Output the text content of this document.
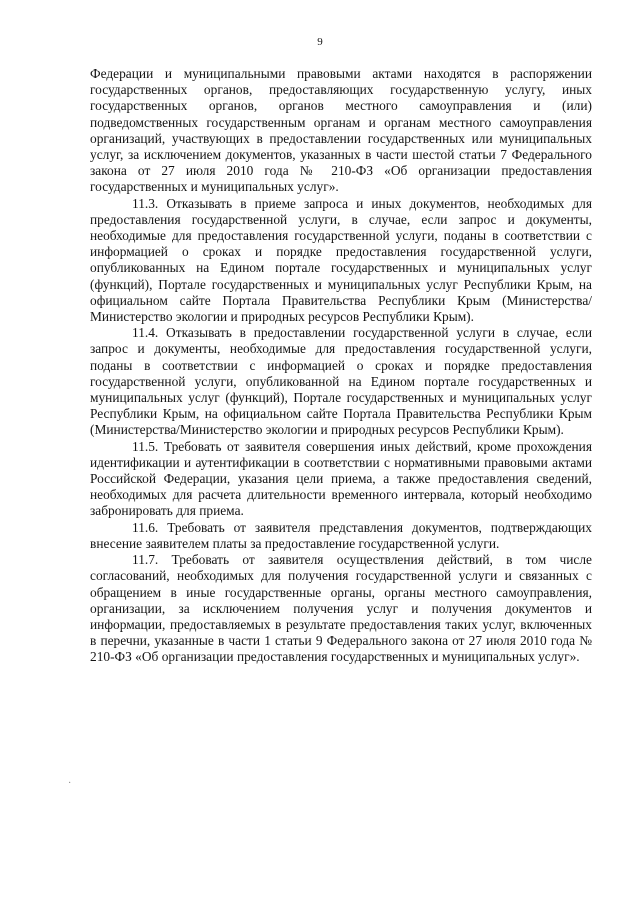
9

Федерации и муниципальными правовыми актами находятся в распоряжении государственных органов, предоставляющих государственную услугу, иных государственных органов, органов местного самоуправления и (или) подведомственных государственным органам и органам местного самоуправления организаций, участвующих в предоставлении государственных или муниципальных услуг, за исключением документов, указанных в части шестой статьи 7 Федерального закона от 27 июля 2010 года № 210-ФЗ «Об организации предоставления государственных и муниципальных услуг».

11.3. Отказывать в приеме запроса и иных документов, необходимых для предоставления государственной услуги, в случае, если запрос и документы, необходимые для предоставления государственной услуги, поданы в соответствии с информацией о сроках и порядке предоставления государственной услуги, опубликованных на Едином портале государственных и муниципальных услуг (функций), Портале государственных и муниципальных услуг Республики Крым, на официальном сайте Портала Правительства Республики Крым (Министерства/Министерство экологии и природных ресурсов Республики Крым).

11.4. Отказывать в предоставлении государственной услуги в случае, если запрос и документы, необходимые для предоставления государственной услуги, поданы в соответствии с информацией о сроках и порядке предоставления государственной услуги, опубликованной на Едином портале государственных и муниципальных услуг (функций), Портале государственных и муниципальных услуг Республики Крым, на официальном сайте Портала Правительства Республики Крым (Министерства/Министерство экологии и природных ресурсов Республики Крым).

11.5. Требовать от заявителя совершения иных действий, кроме прохождения идентификации и аутентификации в соответствии с нормативными правовыми актами Российской Федерации, указания цели приема, а также предоставления сведений, необходимых для расчета длительности временного интервала, который необходимо забронировать для приема.

11.6. Требовать от заявителя представления документов, подтверждающих внесение заявителем платы за предоставление государственной услуги.

11.7. Требовать от заявителя осуществления действий, в том числе согласований, необходимых для получения государственной услуги и связанных с обращением в иные государственные органы, органы местного самоуправления, организации, за исключением получения услуг и получения документов и информации, предоставляемых в результате предоставления таких услуг, включенных в перечни, указанные в части 1 статьи 9 Федерального закона от 27 июля 2010 года № 210-ФЗ «Об организации предоставления государственных и муниципальных услуг».

·
